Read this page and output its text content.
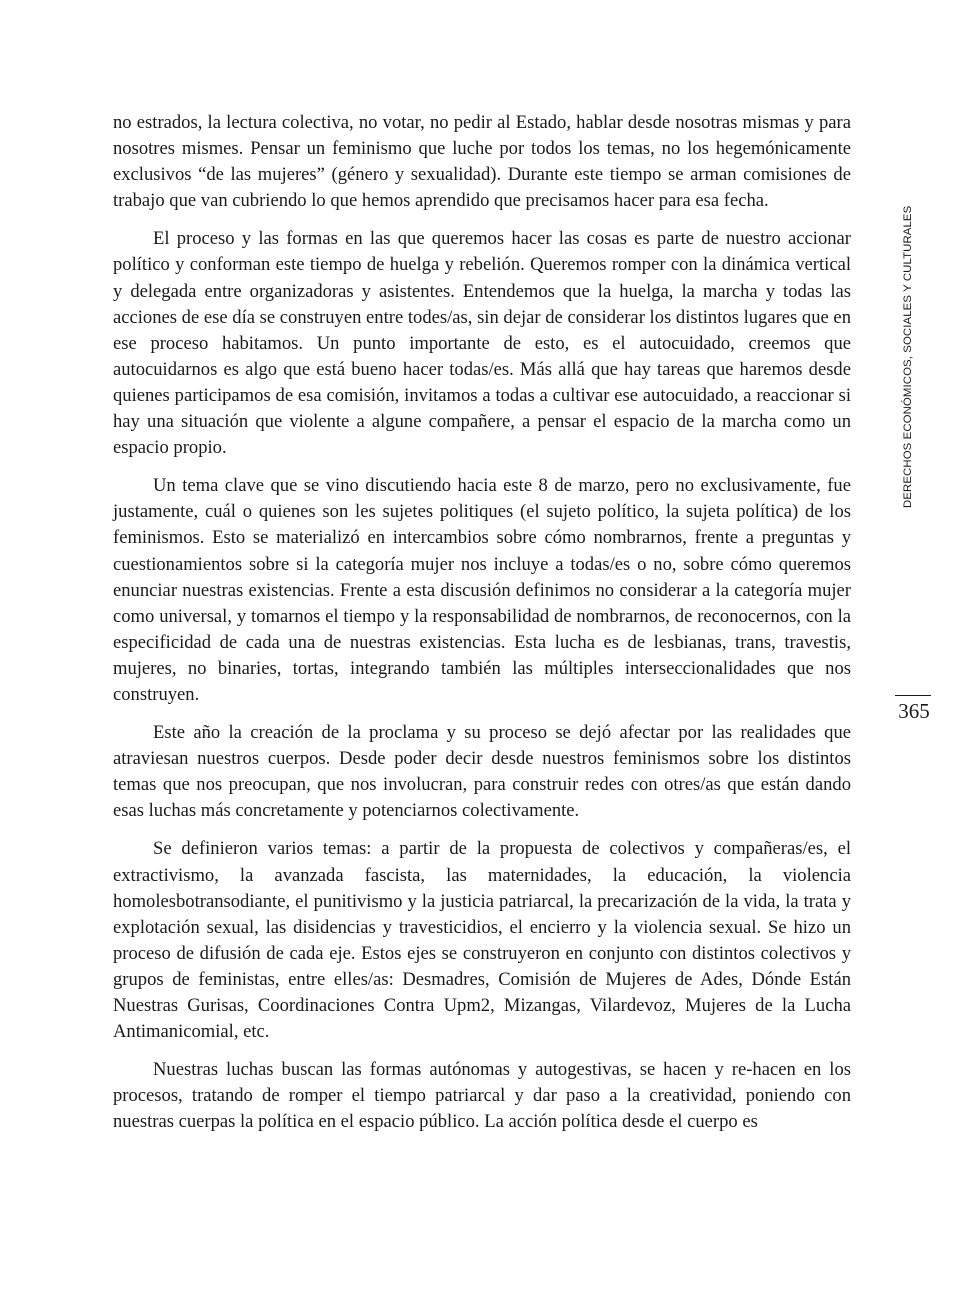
no estrados, la lectura colectiva, no votar, no pedir al Estado, hablar desde nosotras mismas y para nosotres mismes. Pensar un feminismo que luche por todos los temas, no los hegemónicamente exclusivos “de las mujeres” (género y sexualidad). Durante este tiempo se arman comisiones de trabajo que van cubriendo lo que hemos aprendido que precisamos hacer para esa fecha.

El proceso y las formas en las que queremos hacer las cosas es parte de nuestro accionar político y conforman este tiempo de huelga y rebelión. Queremos romper con la dinámica vertical y delegada entre organizadoras y asistentes. Entendemos que la huelga, la marcha y todas las acciones de ese día se construyen entre todes/as, sin dejar de considerar los distintos lugares que en ese proceso habitamos. Un punto importante de esto, es el autocuidado, creemos que autocuidarnos es algo que está bueno hacer todas/es. Más allá que hay tareas que haremos desde quienes participamos de esa comisión, invitamos a todas a cultivar ese autocuidado, a reaccionar si hay una situación que violente a algune compañere, a pensar el espacio de la marcha como un espacio propio.

Un tema clave que se vino discutiendo hacia este 8 de marzo, pero no exclusivamente, fue justamente, cuál o quienes son les sujetes politiques (el sujeto político, la sujeta política) de los feminismos. Esto se materializó en intercambios sobre cómo nombrarnos, frente a preguntas y cuestionamientos sobre si la categoría mujer nos incluye a todas/es o no, sobre cómo queremos enunciar nuestras existencias. Frente a esta discusión definimos no considerar a la categoría mujer como universal, y tomarnos el tiempo y la responsabilidad de nombrarnos, de reconocernos, con la especificidad de cada una de nuestras existencias. Esta lucha es de lesbianas, trans, travestis, mujeres, no binaries, tortas, integrando también las múltiples interseccionalidades que nos construyen.

Este año la creación de la proclama y su proceso se dejó afectar por las realidades que atraviesan nuestros cuerpos. Desde poder decir desde nuestros feminismos sobre los distintos temas que nos preocupan, que nos involucran, para construir redes con otres/as que están dando esas luchas más concretamente y potenciarnos colectivamente.

Se definieron varios temas: a partir de la propuesta de colectivos y compañeras/es, el extractivismo, la avanzada fascista, las maternidades, la educación, la violencia homolesbotransodiante, el punitivismo y la justicia patriarcal, la precarización de la vida, la trata y explotación sexual, las disidencias y travesticidios, el encierro y la violencia sexual. Se hizo un proceso de difusión de cada eje. Estos ejes se construyeron en conjunto con distintos colectivos y grupos de feministas, entre elles/as: Desmadres, Comisión de Mujeres de Ades, Dónde Están Nuestras Gurisas, Coordinaciones Contra Upm2, Mizangas, Vilardevoz, Mujeres de la Lucha Antimanicomial, etc.

Nuestras luchas buscan las formas autónomas y autogestivas, se hacen y re-hacen en los procesos, tratando de romper el tiempo patriarcal y dar paso a la creatividad, poniendo con nuestras cuerpas la política en el espacio público. La acción política desde el cuerpo es

DERECHOS ECONÓMICOS, SOCIALES Y CULTURALES
365
